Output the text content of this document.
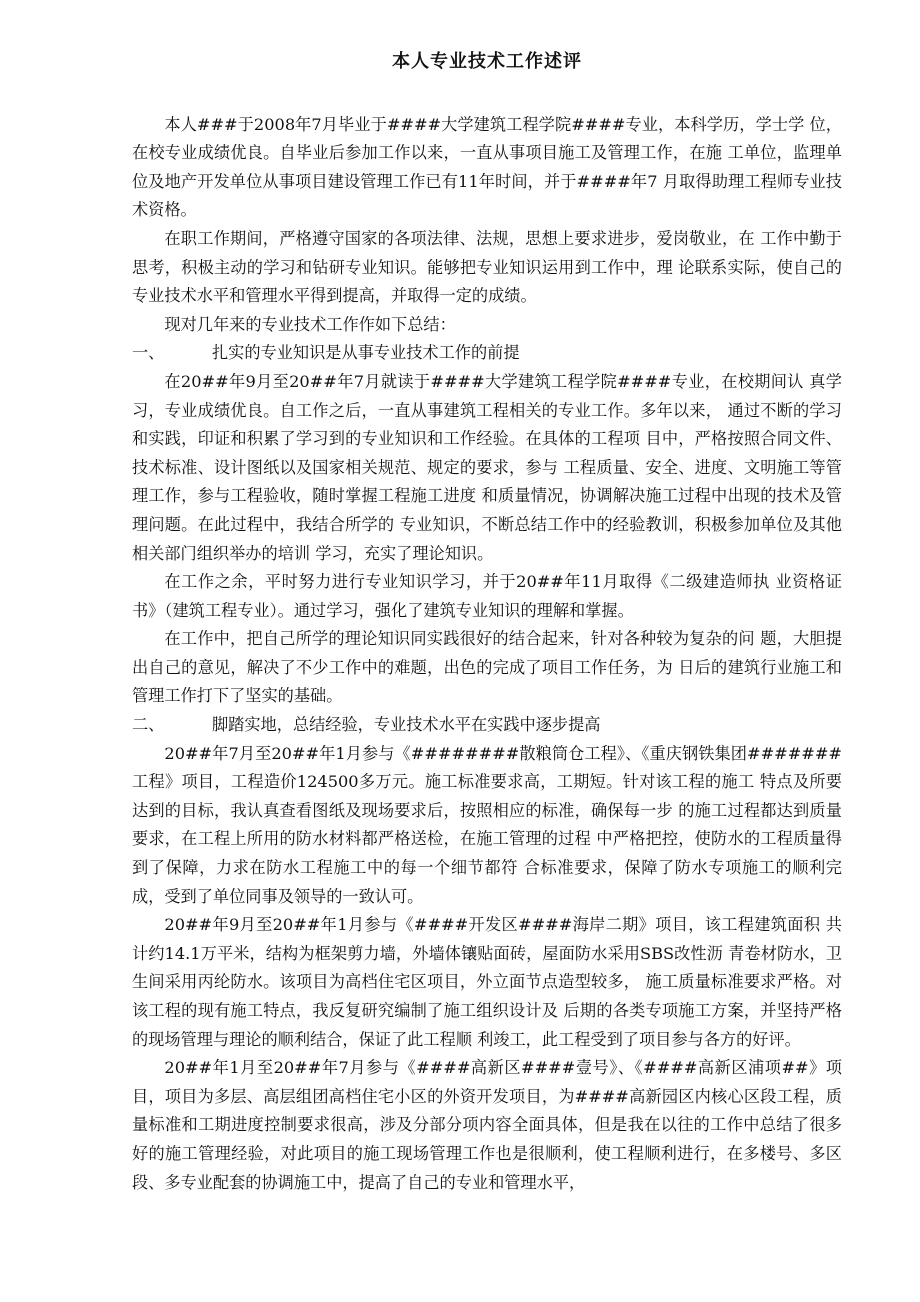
本人专业技术工作述评

本人###于2008年7月毕业于####大学建筑工程学院####专业，本科学历，学士学 位，在校专业成绩优良。自毕业后参加工作以来，一直从事项目施工及管理工作，在施 工单位，监理单位及地产开发单位从事项目建设管理工作已有11年时间，并于####年7 月取得助理工程师专业技术资格。

在职工作期间，严格遵守国家的各项法律、法规，思想上要求进步，爱岗敬业，在 工作中勤于思考，积极主动的学习和钻研专业知识。能够把专业知识运用到工作中，理 论联系实际，使自己的专业技术水平和管理水平得到提高，并取得一定的成绩。

现对几年来的专业技术工作作如下总结：

一、	扎实的专业知识是从事专业技术工作的前提

在20##年9月至20##年7月就读于####大学建筑工程学院####专业，在校期间认 真学习，专业成绩优良。自工作之后，一直从事建筑工程相关的专业工作。多年以来， 通过不断的学习和实践，印证和积累了学习到的专业知识和工作经验。在具体的工程项 目中，严格按照合同文件、技术标准、设计图纸以及国家相关规范、规定的要求，参与 工程质量、安全、进度、文明施工等管理工作，参与工程验收，随时掌握工程施工进度 和质量情况，协调解决施工过程中出现的技术及管理问题。在此过程中，我结合所学的 专业知识，不断总结工作中的经验教训，积极参加单位及其他相关部门组织举办的培训 学习，充实了理论知识。

在工作之余，平时努力进行专业知识学习，并于20##年11月取得《二级建造师执 业资格证书》（建筑工程专业）。通过学习，强化了建筑专业知识的理解和掌握。

在工作中，把自己所学的理论知识同实践很好的结合起来，针对各种较为复杂的问 题，大胆提出自己的意见，解决了不少工作中的难题，出色的完成了项目工作任务，为 日后的建筑行业施工和管理工作打下了坚实的基础。

二、	脚踏实地，总结经验，专业技术水平在实践中逐步提高

20##年7月至20##年1月参与《########散粮筒仓工程》、《重庆钢铁集团####### 工程》项目，工程造价124500多万元。施工标准要求高，工期短。针对该工程的施工 特点及所要达到的目标，我认真查看图纸及现场要求后，按照相应的标准，确保每一步 的施工过程都达到质量要求，在工程上所用的防水材料都严格送检，在施工管理的过程 中严格把控，使防水的工程质量得到了保障，力求在防水工程施工中的每一个细节都符 合标准要求，保障了防水专项施工的顺利完成，受到了单位同事及领导的一致认可。

20##年9月至20##年1月参与《####开发区####海岸二期》项目，该工程建筑面积 共计约14.1万平米，结构为框架剪力墙，外墙体镶贴面砖，屋面防水采用SBS改性沥 青卷材防水，卫生间采用丙纶防水。该项目为高档住宅区项目，外立面节点造型较多， 施工质量标准要求严格。对该工程的现有施工特点，我反复研究编制了施工组织设计及 后期的各类专项施工方案，并坚持严格的现场管理与理论的顺利结合，保证了此工程顺 利竣工，此工程受到了项目参与各方的好评。

20##年1月至20##年7月参与《####高新区####壹号》、《####高新区浦项##》项目，项目为多层、高层组团高档住宅小区的外资开发项目，为####高新园区内核心区段工程，质量标准和工期进度控制要求很高，涉及分部分项内容全面具体，但是我在以往的工作中总结了很多好的施工管理经验，对此项目的施工现场管理工作也是很顺利，使工程顺利进行，在多楼号、多区段、多专业配套的协调施工中，提高了自己的专业和管理水平，
